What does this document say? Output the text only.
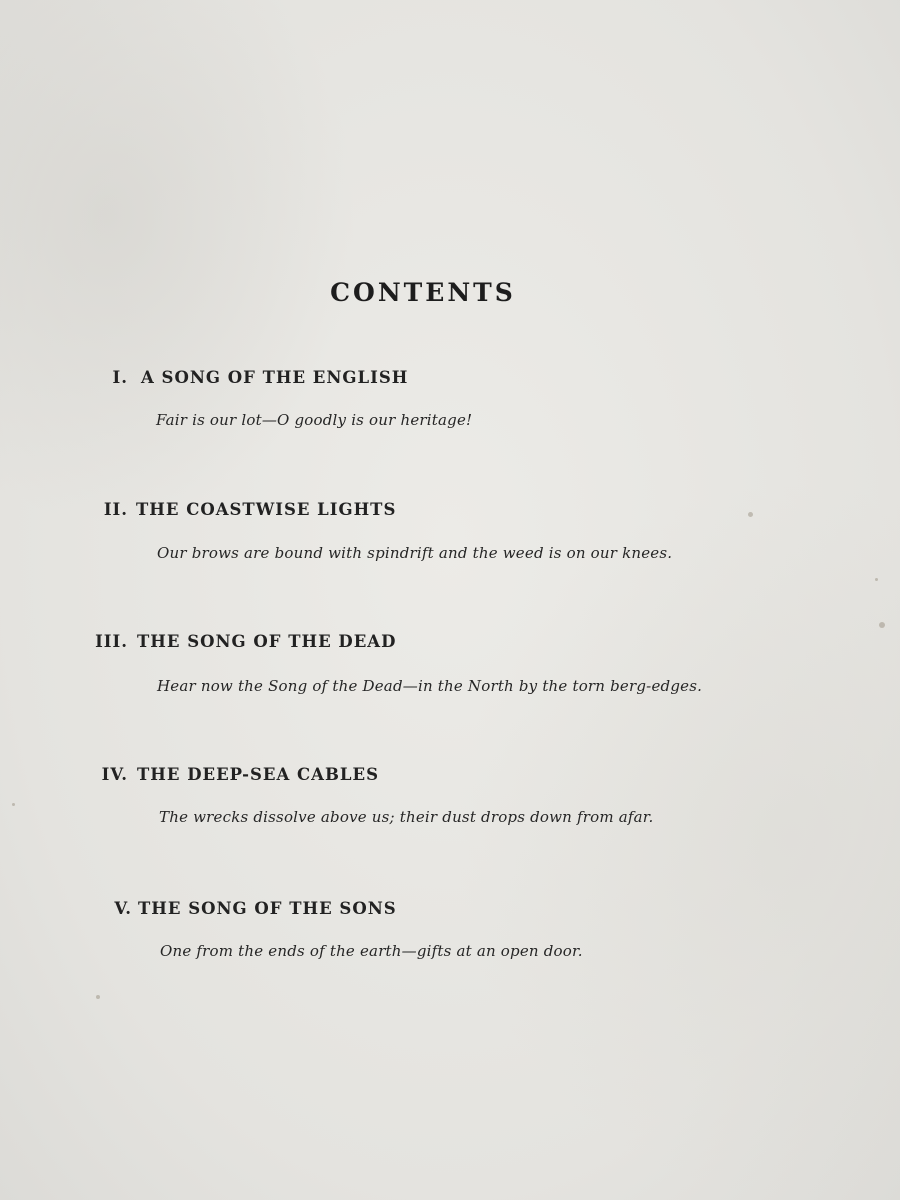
CONTENTS
I. A SONG OF THE ENGLISH
Fair is our lot—O goodly is our heritage!
II. THE COASTWISE LIGHTS
Our brows are bound with spindrift and the weed is on our knees.
III. THE SONG OF THE DEAD
Hear now the Song of the Dead—in the North by the torn berg-edges.
IV. THE DEEP-SEA CABLES
The wrecks dissolve above us; their dust drops down from afar.
V. THE SONG OF THE SONS
One from the ends of the earth—gifts at an open door.
